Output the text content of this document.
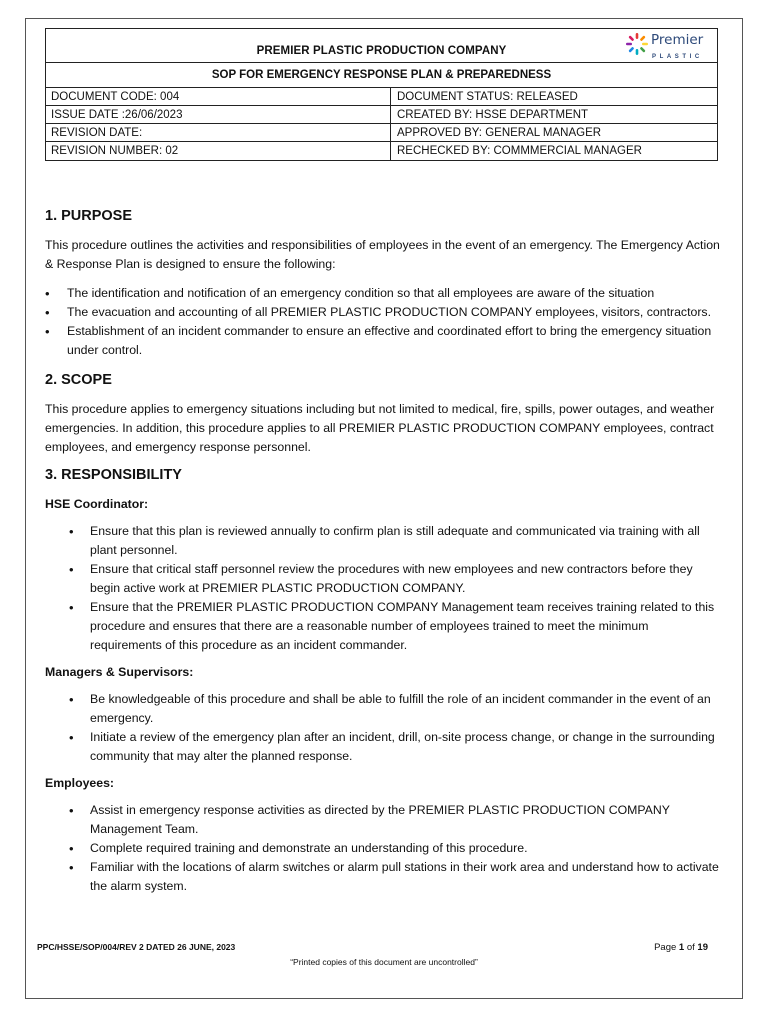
PREMIER PLASTIC PRODUCTION COMPANY
Premier
PLASTIC
SOP FOR EMERGENCY RESPONSE PLAN & PREPAREDNESS
DOCUMENT CODE: 004	DOCUMENT STATUS: RELEASED
ISSUE DATE :26/06/2023	CREATED BY: HSSE DEPARTMENT
REVISION DATE:	APPROVED BY: GENERAL MANAGER
REVISION NUMBER: 02	RECHECKED BY: COMMMERCIAL MANAGER
1. PURPOSE

This procedure outlines the activities and responsibilities of employees in the event of an emergency. The Emergency Action & Response Plan is designed to ensure the following:

• The identification and notification of an emergency condition so that all employees are aware of the situation
• The evacuation and accounting of all PREMIER PLASTIC PRODUCTION COMPANY employees, visitors, contractors.
• Establishment of an incident commander to ensure an effective and coordinated effort to bring the emergency situation under control.
2. SCOPE

This procedure applies to emergency situations including but not limited to medical, fire, spills, power outages, and weather emergencies. In addition, this procedure applies to all PREMIER PLASTIC PRODUCTION COMPANY employees, contract employees, and emergency response personnel.

3. RESPONSIBILITY
HSE Coordinator:
• Ensure that this plan is reviewed annually to confirm plan is still adequate and communicated via training with all plant personnel.
• Ensure that critical staff personnel review the procedures with new employees and new contractors before they begin active work at PREMIER PLASTIC PRODUCTION COMPANY.
• Ensure that the PREMIER PLASTIC PRODUCTION COMPANY Management team receives training related to this procedure and ensures that there are a reasonable number of employees trained to meet the minimum requirements of this procedure as an incident commander.
Managers & Supervisors:
• Be knowledgeable of this procedure and shall be able to fulfill the role of an incident commander in the event of an emergency.
• Initiate a review of the emergency plan after an incident, drill, on-site process change, or change in the surrounding community that may alter the planned response.
Employees:
• Assist in emergency response activities as directed by the PREMIER PLASTIC PRODUCTION COMPANY Management Team.
• Complete required training and demonstrate an understanding of this procedure.
• Familiar with the locations of alarm switches or alarm pull stations in their work area and understand how to activate the alarm system.
PPC/HSSE/SOP/004/REV 2 DATED 26 JUNE, 2023	Page 1 of 19
“Printed copies of this document are uncontrolled”
